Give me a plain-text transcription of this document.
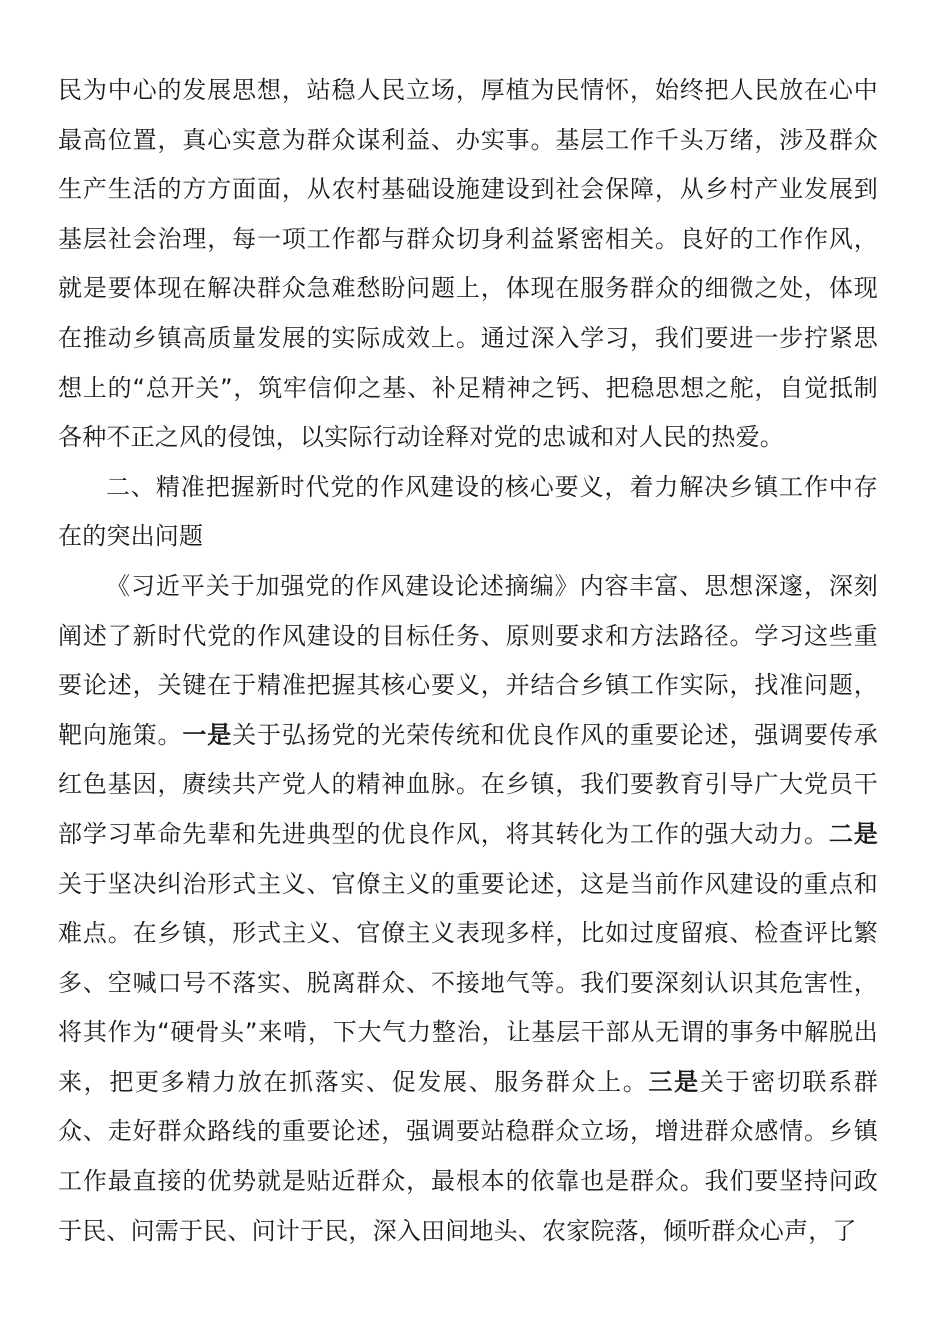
民为中心的发展思想，站稳人民立场，厚植为民情怀，始终把人民放在心中最高位置，真心实意为群众谋利益、办实事。基层工作千头万绪，涉及群众生产生活的方方面面，从农村基础设施建设到社会保障，从乡村产业发展到基层社会治理，每一项工作都与群众切身利益紧密相关。良好的工作作风，就是要体现在解决群众急难愁盼问题上，体现在服务群众的细微之处，体现在推动乡镇高质量发展的实际成效上。通过深入学习，我们要进一步拧紧思想上的“总开关”，筑牢信仰之基、补足精神之钙、把稳思想之舵，自觉抵制各种不正之风的侵蚀，以实际行动诠释对党的忠诚和对人民的热爱。

二、精准把握新时代党的作风建设的核心要义，着力解决乡镇工作中存在的突出问题

《习近平关于加强党的作风建设论述摘编》内容丰富、思想深邃，深刻阐述了新时代党的作风建设的目标任务、原则要求和方法路径。学习这些重要论述，关键在于精准把握其核心要义，并结合乡镇工作实际，找准问题，靶向施策。一是关于弘扬党的光荣传统和优良作风的重要论述，强调要传承红色基因，赓续共产党人的精神血脉。在乡镇，我们要教育引导广大党员干部学习革命先辈和先进典型的优良作风，将其转化为工作的强大动力。二是关于坚决纠治形式主义、官僚主义的重要论述，这是当前作风建设的重点和难点。在乡镇，形式主义、官僚主义表现多样，比如过度留痕、检查评比繁多、空喊口号不落实、脱离群众、不接地气等。我们要深刻认识其危害性，将其作为“硬骨头”来啃，下大气力整治，让基层干部从无谓的事务中解脱出来，把更多精力放在抓落实、促发展、服务群众上。三是关于密切联系群众、走好群众路线的重要论述，强调要站稳群众立场，增进群众感情。乡镇工作最直接的优势就是贴近群众，最根本的依靠也是群众。我们要坚持问政于民、问需于民、问计于民，深入田间地头、农家院落，倾听群众心声，了
